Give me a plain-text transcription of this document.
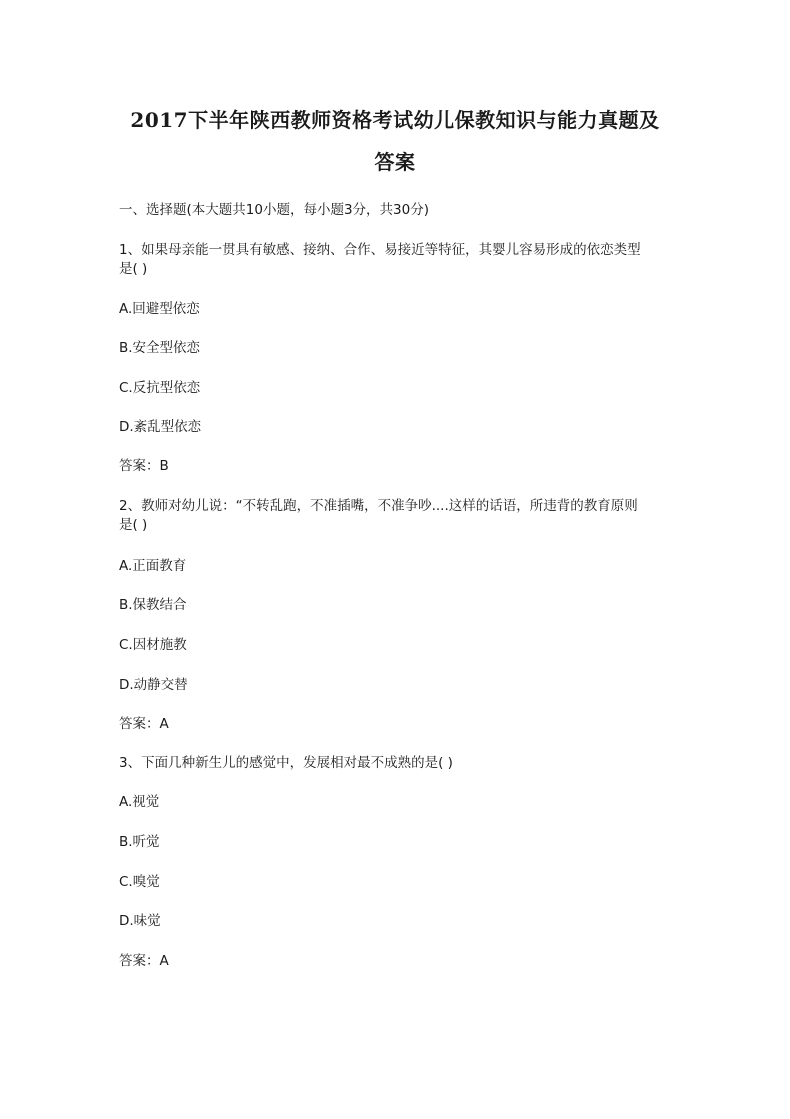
2017下半年陕西教师资格考试幼儿保教知识与能力真题及
答案
一、选择题(本大题共10小题，每小题3分，共30分)
1、如果母亲能一贯具有敏感、接纳、合作、易接近等特征，其婴儿容易形成的依恋类型
是( )
A.回避型依恋
B.安全型依恋
C.反抗型依恋
D.紊乱型依恋
答案：B
2、教师对幼儿说：“不转乱跑，不准插嘴，不准争吵....这样的话语，所违背的教育原则
是( )
A.正面教育
B.保教结合
C.因材施教
D.动静交替
答案：A
3、下面几种新生儿的感觉中，发展相对最不成熟的是( )
A.视觉
B.听觉
C.嗅觉
D.味觉
答案：A
